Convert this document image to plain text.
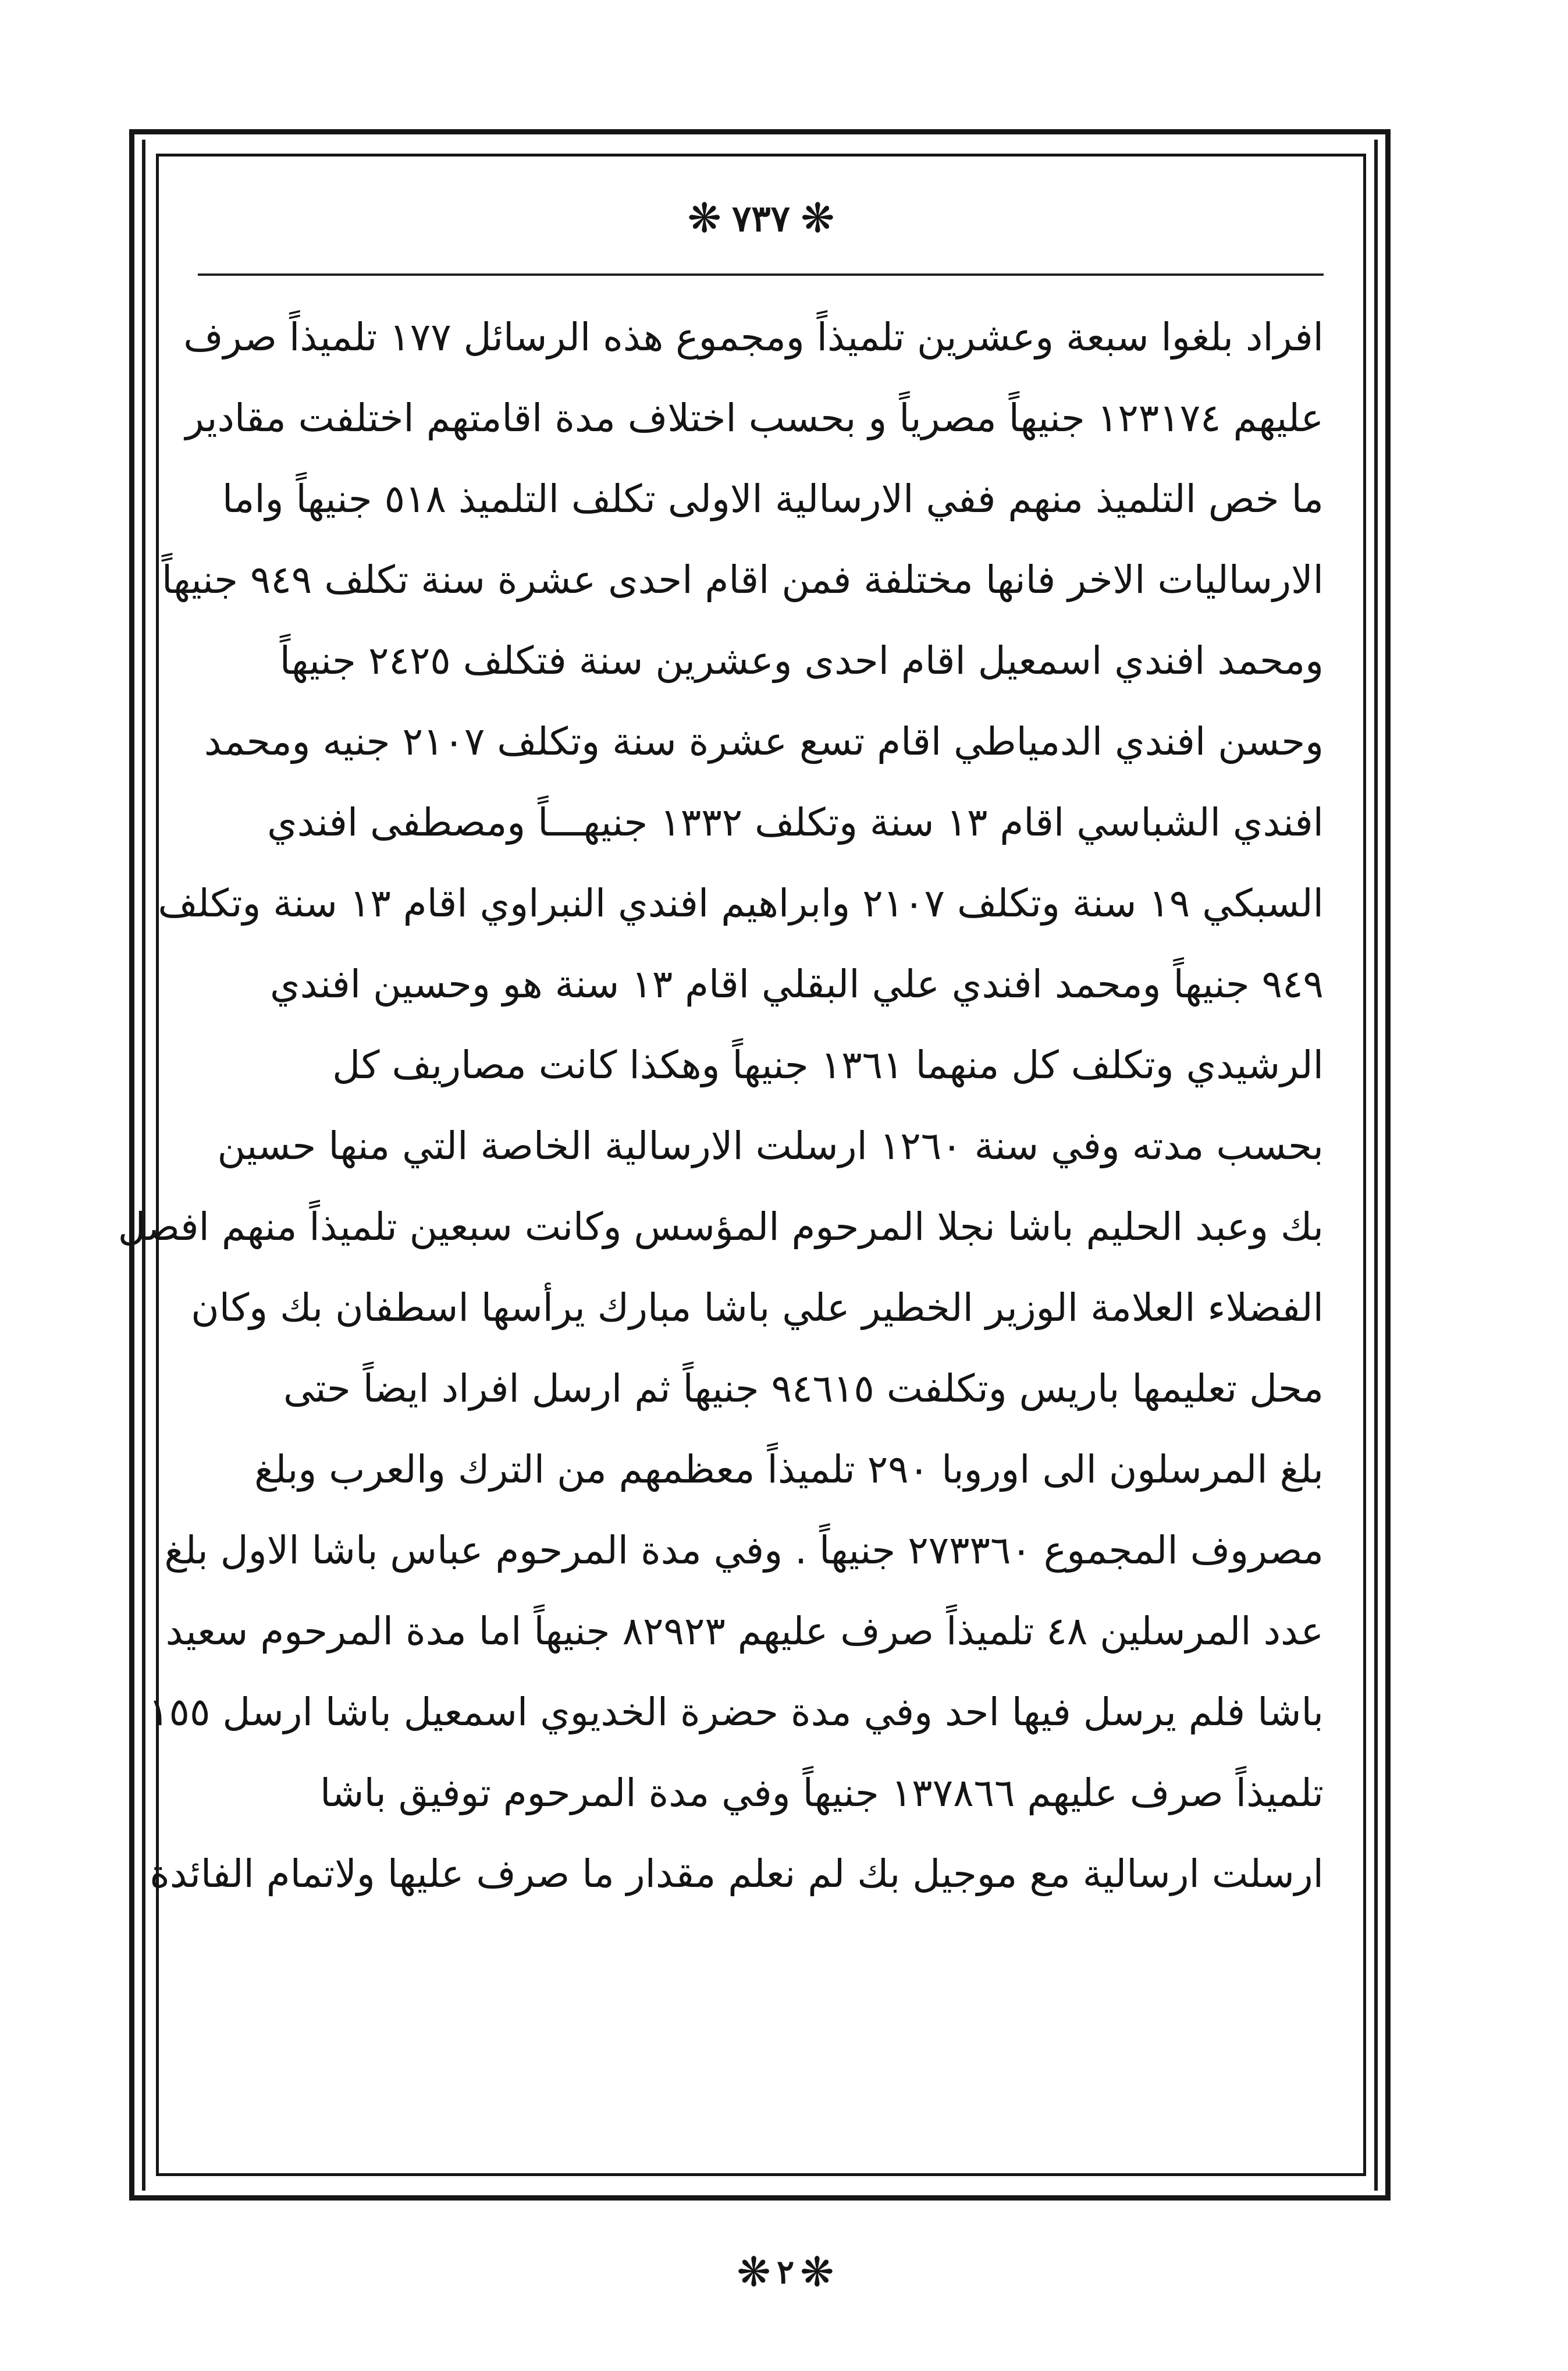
❋ ٧٣٧ ❋
افراد بلغوا سبعة وعشرين تلميذاً ومجموع هذه الرسائل ١٧٧ تلميذاً صرف
عليهم ١٢٣١٧٤ جنيهاً مصرياً و بحسب اختلاف مدة اقامتهم اختلفت مقادير
ما خص التلميذ منهم ففي الارسالية الاولى تكلف التلميذ ٥١٨ جنيهاً واما
الارساليات الاخر فانها مختلفة فمن اقام احدى عشرة سنة تكلف ٩٤٩ جنيهاً
ومحمد افندي اسمعيل اقام احدى وعشرين سنة فتكلف ٢٤٢٥ جنيهاً
وحسن افندي الدمياطي اقام تسع عشرة سنة وتكلف ٢١٠٧ جنيه ومحمد
افندي الشباسي اقام ١٣ سنة وتكلف ١٣٣٢ جنيهـــاً ومصطفى افندي
السبكي ١٩ سنة وتكلف ٢١٠٧ وابراهيم افندي النبراوي اقام ١٣ سنة وتكلف
٩٤٩ جنيهاً ومحمد افندي علي البقلي اقام ١٣ سنة هو وحسين افندي
الرشيدي وتكلف كل منهما ١٣٦١ جنيهاً وهكذا كانت مصاريف كل
بحسب مدته وفي سنة ١٢٦٠ ارسلت الارسالية الخاصة التي منها حسين
بك وعبد الحليم باشا نجلا المرحوم المؤسس وكانت سبعين تلميذاً منهم افضل
الفضلاء العلامة الوزير الخطير علي باشا مبارك يرأسها اسطفان بك وكان
محل تعليمها باريس وتكلفت ٩٤٦١٥ جنيهاً ثم ارسل افراد ايضاً حتى
بلغ المرسلون الى اوروبا ٢٩٠ تلميذاً معظمهم من الترك والعرب وبلغ
مصروف المجموع ٢٧٣٣٦٠ جنيهاً . وفي مدة المرحوم عباس باشا الاول بلغ
عدد المرسلين ٤٨ تلميذاً صرف عليهم ٨٢٩٢٣ جنيهاً اما مدة المرحوم سعيد
باشا فلم يرسل فيها احد وفي مدة حضرة الخديوي اسمعيل باشا ارسل ١٥٥
تلميذاً صرف عليهم ١٣٧٨٦٦ جنيهاً وفي مدة المرحوم توفيق باشا
ارسلت ارسالية مع موجيل بك لم نعلم مقدار ما صرف عليها ولاتمام الفائدة
❋ ٢ ❋
